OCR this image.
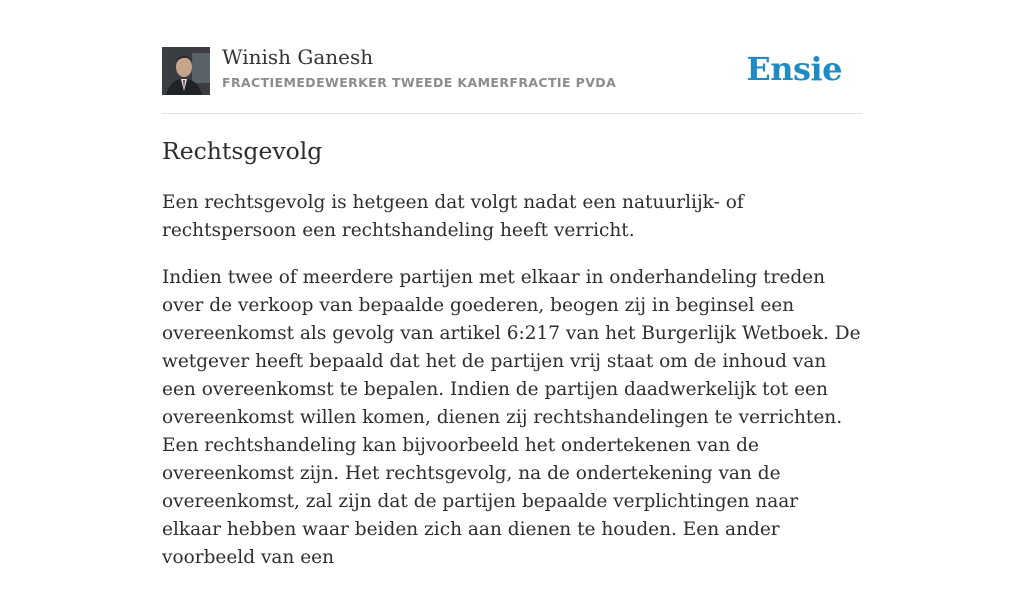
Winish Ganesh
FRACTIEMEDEWERKER TWEEDE KAMERFRACTIE PVDA	Ensie
Rechtsgevolg

Een rechtsgevolg is hetgeen dat volgt nadat een natuurlijk- of rechtspersoon een rechtshandeling heeft verricht.

Indien twee of meerdere partijen met elkaar in onderhandeling treden over de verkoop van bepaalde goederen, beogen zij in beginsel een overeenkomst als gevolg van artikel 6:217 van het Burgerlijk Wetboek. De wetgever heeft bepaald dat het de partijen vrij staat om de inhoud van een overeenkomst te bepalen. Indien de partijen daadwerkelijk tot een overeenkomst willen komen, dienen zij rechtshandelingen te verrichten. Een rechtshandeling kan bijvoorbeeld het ondertekenen van de overeenkomst zijn. Het rechtsgevolg, na de ondertekening van de overeenkomst, zal zijn dat de partijen bepaalde verplichtingen naar elkaar hebben waar beiden zich aan dienen te houden. Een ander voorbeeld van een
